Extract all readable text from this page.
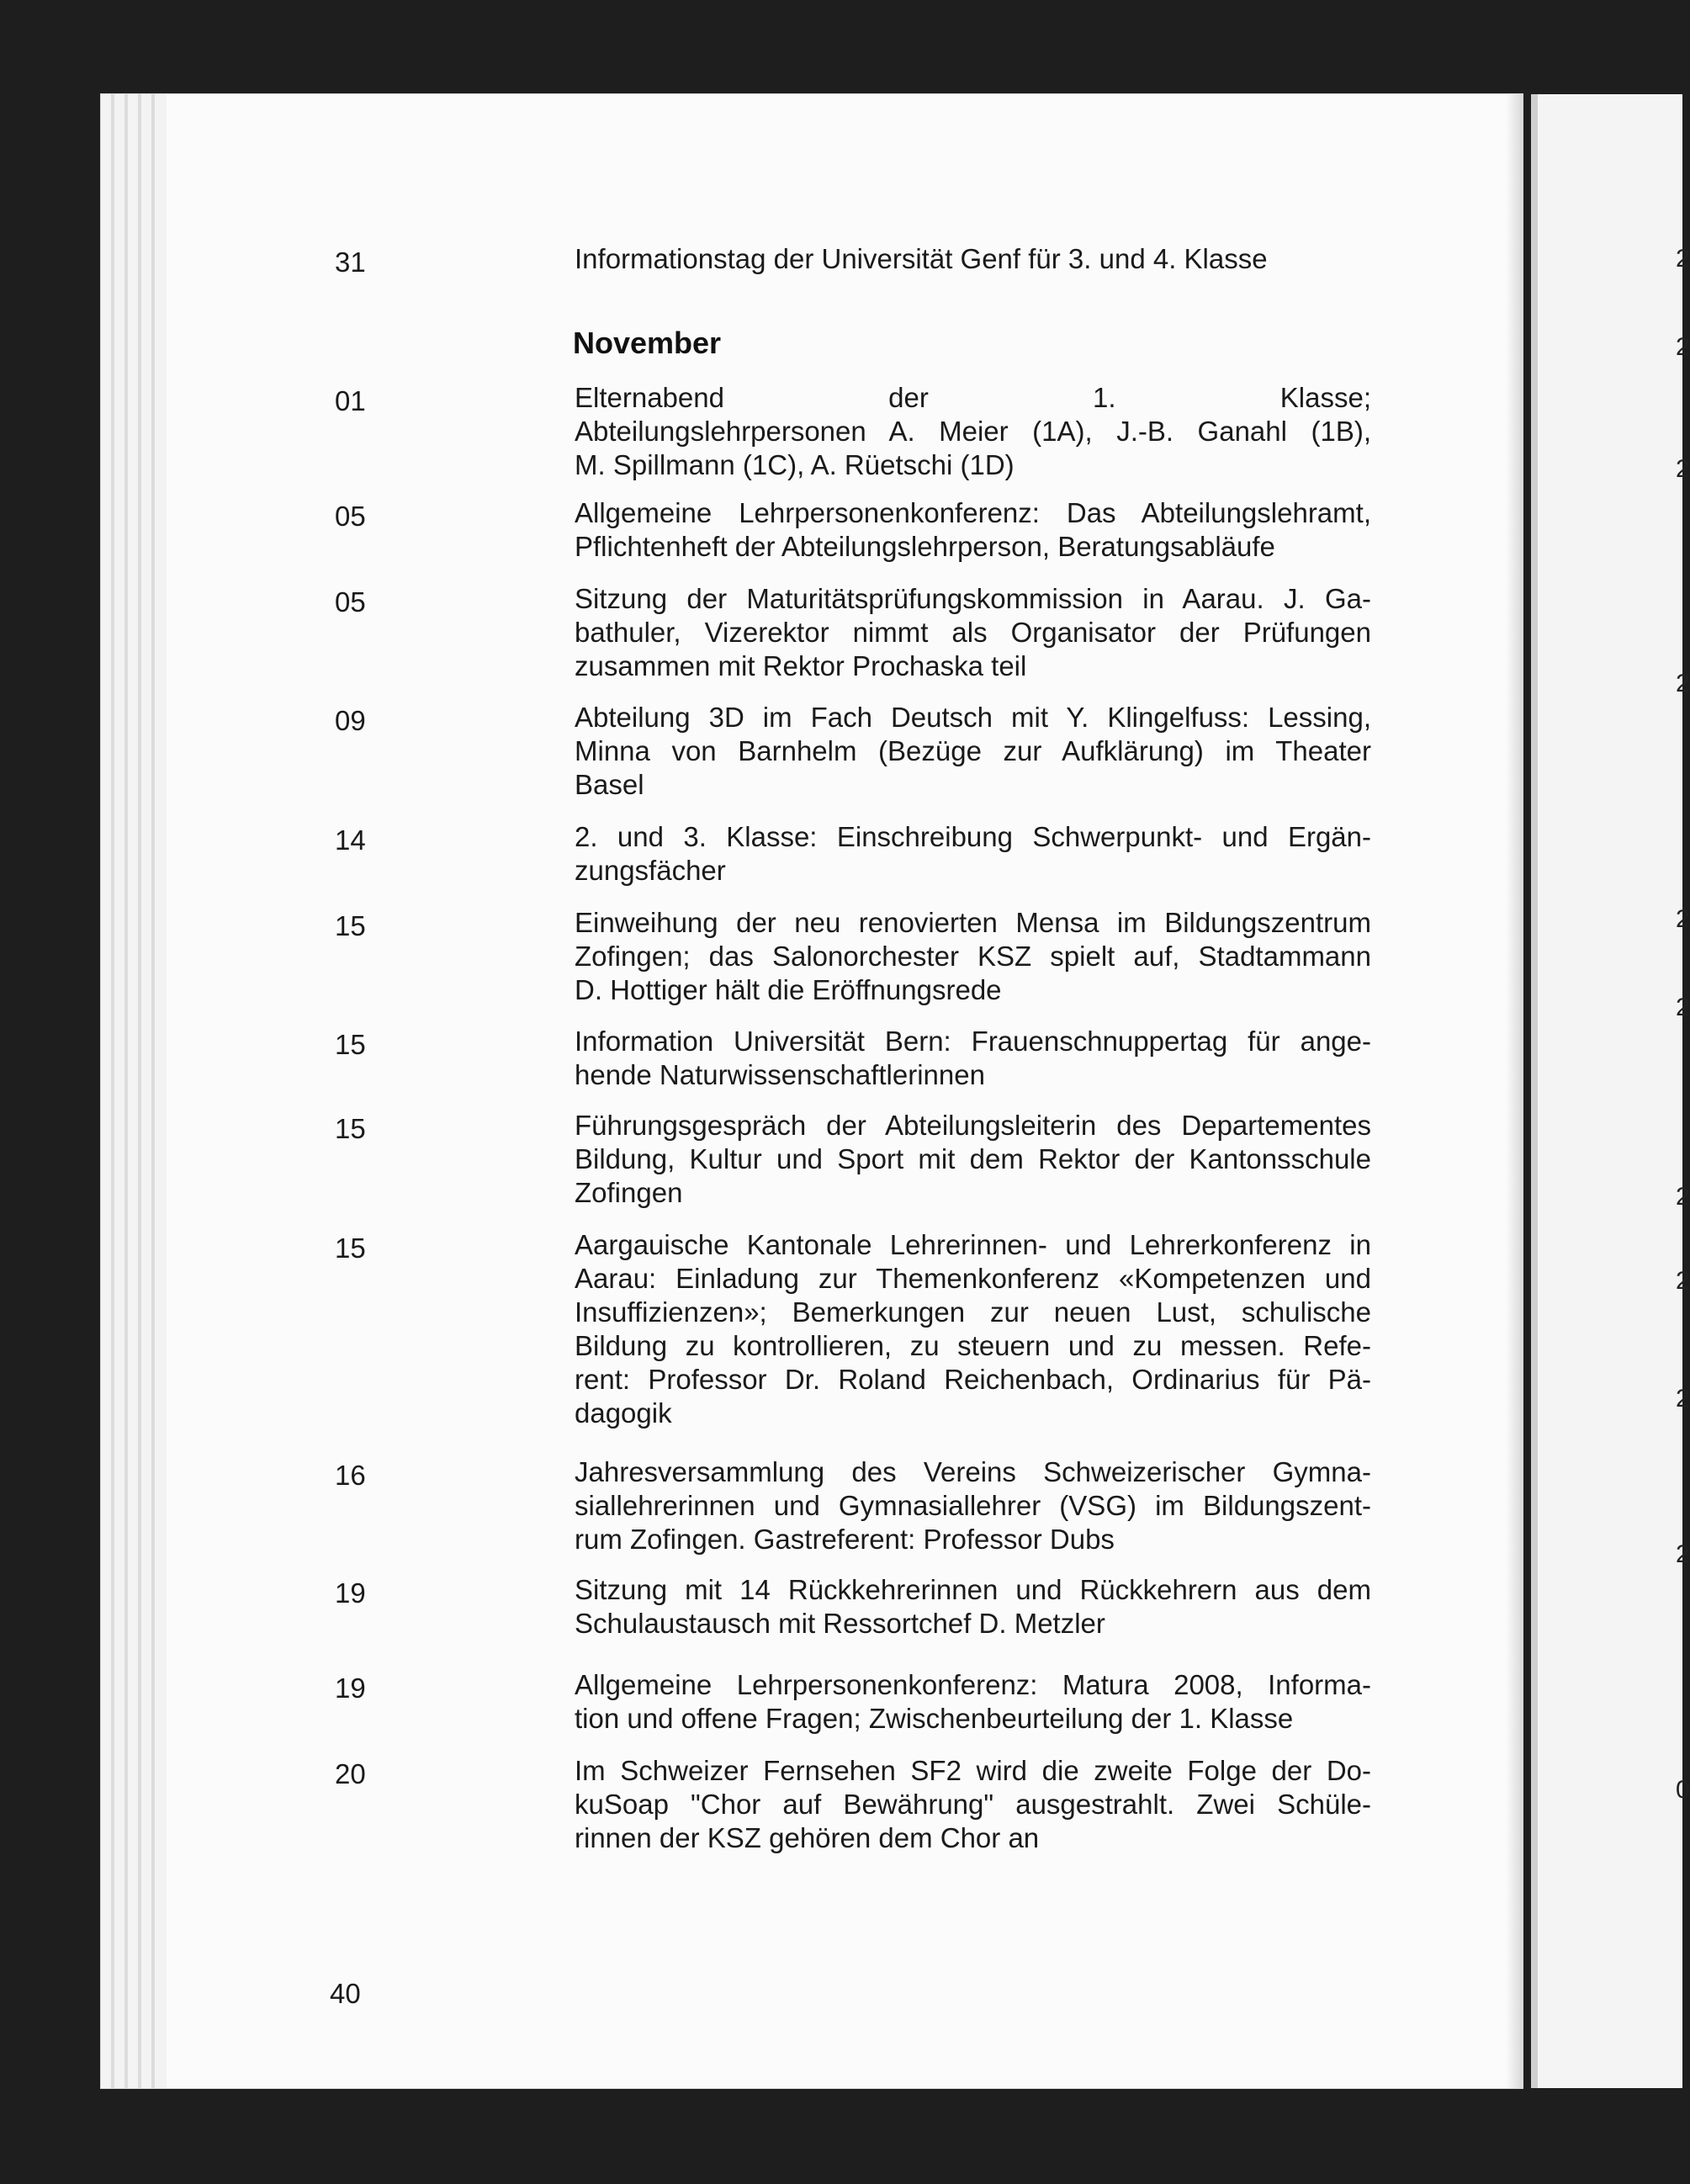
31	Informationstag der Universität Genf für 3. und 4. Klasse
November
01	Elternabend der 1. Klasse;
Abteilungslehrpersonen A. Meier (1A), J.-B. Ganahl (1B),
M. Spillmann (1C), A. Rüetschi (1D)
05	Allgemeine Lehrpersonenkonferenz: Das Abteilungslehramt,
Pflichtenheft der Abteilungslehrperson, Beratungsabläufe
05	Sitzung der Maturitätsprüfungskommission in Aarau. J. Ga-
bathuler, Vizerektor nimmt als Organisator der Prüfungen
zusammen mit Rektor Prochaska teil
09	Abteilung 3D im Fach Deutsch mit Y. Klingelfuss: Lessing,
Minna von Barnhelm (Bezüge zur Aufklärung) im Theater
Basel
14	2. und 3. Klasse: Einschreibung Schwerpunkt- und Ergän-
zungsfächer
15	Einweihung der neu renovierten Mensa im Bildungszentrum
Zofingen; das Salonorchester KSZ spielt auf, Stadtammann
D. Hottiger hält die Eröffnungsrede
15	Information Universität Bern: Frauenschnuppertag für ange-
hende Naturwissenschaftlerinnen
15	Führungsgespräch der Abteilungsleiterin des Departementes
Bildung, Kultur und Sport mit dem Rektor der Kantonsschule
Zofingen
15	Aargauische Kantonale Lehrerinnen- und Lehrerkonferenz in
Aarau: Einladung zur Themenkonferenz «Kompetenzen und
Insuffizienzen»; Bemerkungen zur neuen Lust, schulische
Bildung zu kontrollieren, zu steuern und zu messen. Refe-
rent: Professor Dr. Roland Reichenbach, Ordinarius für Pä-
dagogik
16	Jahresversammlung des Vereins Schweizerischer Gymna-
siallehrerinnen und Gymnasiallehrer (VSG) im Bildungszent-
rum Zofingen. Gastreferent: Professor Dubs
19	Sitzung mit 14 Rückkehrerinnen und Rückkehrern aus dem
Schulaustausch mit Ressortchef D. Metzler
19	Allgemeine Lehrpersonenkonferenz: Matura 2008, Informa-
tion und offene Fragen; Zwischenbeurteilung der 1. Klasse
20	Im Schweizer Fernsehen SF2 wird die zweite Folge der Do-
kuSoap "Chor auf Bewährung" ausgestrahlt. Zwei Schüle-
rinnen der KSZ gehören dem Chor an
40
2
2
2
2
2
2
2
2
2
2
0
